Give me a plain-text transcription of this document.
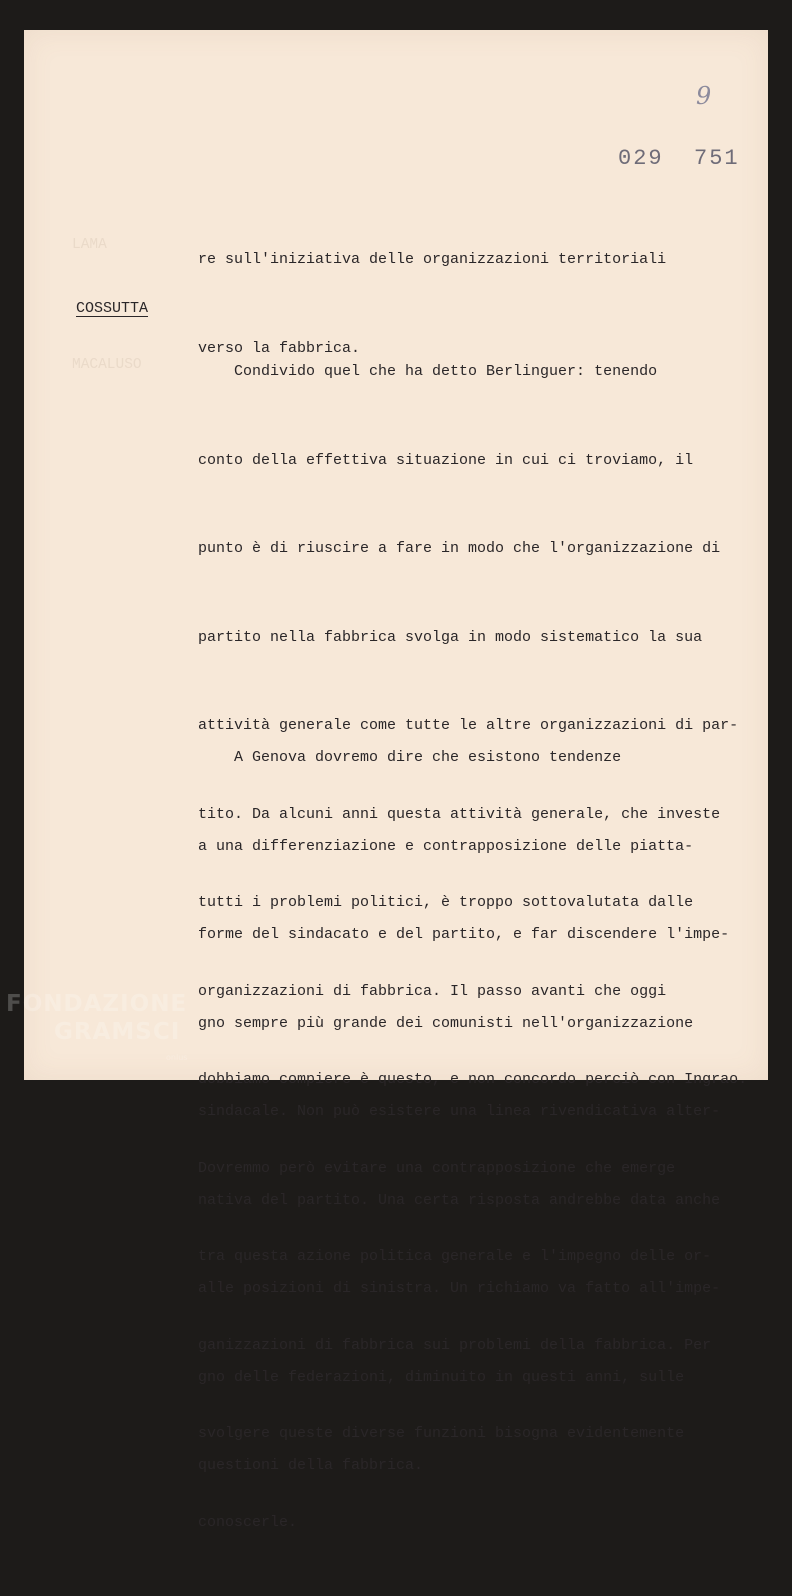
LAMA

MACALUSO
9
029  751

re sull'iniziativa delle organizzazioni territoriali

verso la fabbrica.

COSSUTTA

Condivido quel che ha detto Berlinguer: tenendo

conto della effettiva situazione in cui ci troviamo, il

punto è di riuscire a fare in modo che l'organizzazione di

partito nella fabbrica svolga in modo sistematico la sua

attività generale come tutte le altre organizzazioni di par-

tito. Da alcuni anni questa attività generale, che investe

tutti i problemi politici, è troppo sottovalutata dalle

organizzazioni di fabbrica. Il passo avanti che oggi

dobbiamo compiere è questo, e non concordo perciò con Ingrao.

Dovremmo però evitare una contrapposizione che emerge

tra questa azione politica generale e l'impegno delle or-

ganizzazioni di fabbrica sui problemi della fabbrica. Per

svolgere queste diverse funzioni bisogna evidentemente

conoscerle.

A Genova dovremo dire che esistono tendenze

a una differenziazione e contrapposizione delle piatta-

forme del sindacato e del partito, e far discendere l'impe-

gno sempre più grande dei comunisti nell'organizzazione

sindacale. Non può esistere una linea rivendicativa alter-

nativa del partito. Una certa risposta andrebbe data anche

alle posizioni di sinistra. Un richiamo va fatto all'impe-

gno delle federazioni, diminuito in questi anni, sulle

questioni della fabbrica.

FONDAZIONE
GRAMSCI
onlus
